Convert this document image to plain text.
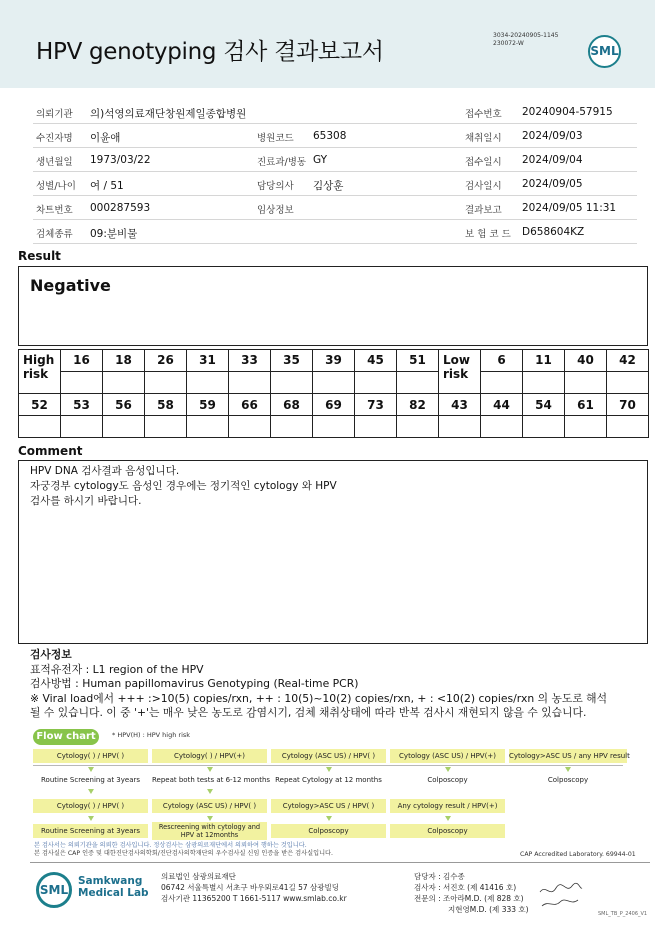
HPV genotyping 검사 결과보고서
3034-20240905-1145
230072-W
SML
의뢰기관 의)석영의료재단창원제일종합병원	접수번호 20240904-57915
수진자명 이윤애	병원코드 65308	채취일시 2024/09/03
생년월일 1973/03/22	진료과/병동 GY	접수일시 2024/09/04
성별/나이 여 / 51	담당의사 김상훈	검사일시 2024/09/05
차트번호 000287593	임상정보	결과보고 2024/09/05 11:31
검체종류 09:분비물	보 험 코 드 D658604KZ
Result
Negative
High risk	16	18	26	31	33	35	39	45	51	Low risk	6	11	40	42

52	53	56	58	59	66	68	69	73	82	43	44	54	61	70

Comment
HPV DNA 검사결과 음성입니다.
자궁경부 cytology도 음성인 경우에는 정기적인 cytology 와 HPV
검사를 하시기 바랍니다.
검사정보
표적유전자 : L1 region of the HPV
검사방법 : Human papillomavirus Genotyping (Real-time PCR)
※ Viral load에서 +++ :>10(5) copies/rxn, ++ : 10(5)~10(2) copies/rxn, + : <10(2) copies/rxn 의 농도로 해석
될 수 있습니다. 이 중 '+'는 매우 낮은 농도로 감염시기, 검체 채취상태에 따라 반복 검사시 재현되지 않을 수 있습니다.
Flow chart	* HPV(H) : HPV high risk
Cytology( ) / HPV( )	Cytology( ) / HPV(+)	Cytology (ASC US) / HPV( )	Cytology (ASC US) / HPV(+)	Cytology>ASC US / any HPV result
Routine Screening at 3years	Repeat both tests at 6-12 months Repeat Cytology at 12 months	Colposcopy	Colposcopy
Cytology( ) / HPV( )	Cytology (ASC US) / HPV( )	Cytology>ASC US / HPV( )	Any cytology result / HPV(+)
Routine Screening at 3years	Rescreening with cytology and HPV at 12months	Colposcopy	Colposcopy
본 검사서는 의뢰기관을 의뢰한 검사입니다. 정상검사는 삼광의료재단에서 의뢰하여 행하는 것입니다.
본 검사실은 CAP 인증 및 대한진단검사의학회/진단검사의학재단의 우수검사실 신임 인증을 받은 검사실입니다.	CAP Accredited Laboratory. 69944-01
SML
Samkwang
Medical Lab
의료법인 삼광의료재단
06742 서울특별시 서초구 바우뫼로41길 57 삼광빌딩
검사기관 11365200 T 1661-5117 www.smlab.co.kr
담당자 : 김수종
검사자 : 서진호 (제 41416 호)
전문의 : 조아라M.D. (제 828 호)
지현영M.D. (제 333 호)	SML_TB_P_2406_V1
